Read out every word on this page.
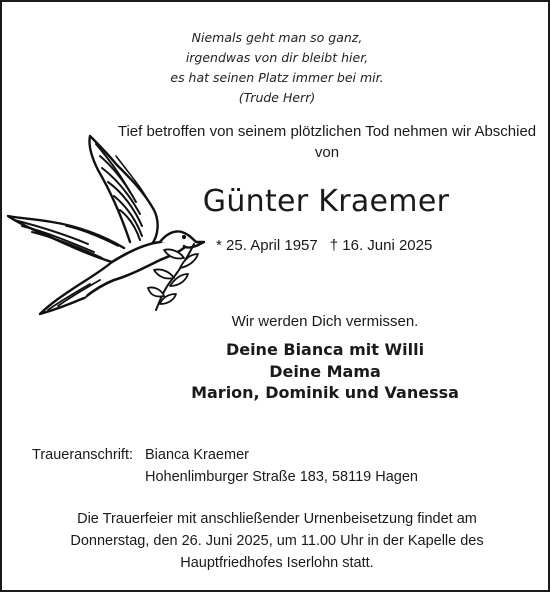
Niemals geht man so ganz,
irgendwas von dir bleibt hier,
es hat seinen Platz immer bei mir.
(Trude Herr)
Tief betroffen von seinem plötzlichen Tod nehmen wir Abschied
von
Günter Kraemer
* 25. April 1957 † 16. Juni 2025
Wir werden Dich vermissen.
Deine Bianca mit Willi
Deine Mama
Marion, Dominik und Vanessa
Traueranschrift: Bianca Kraemer
Hohenlimburger Straße 183, 58119 Hagen
Die Trauerfeier mit anschließender Urnenbeisetzung findet am
Donnerstag, den 26. Juni 2025, um 11.00 Uhr in der Kapelle des
Hauptfriedhofes Iserlohn statt.
